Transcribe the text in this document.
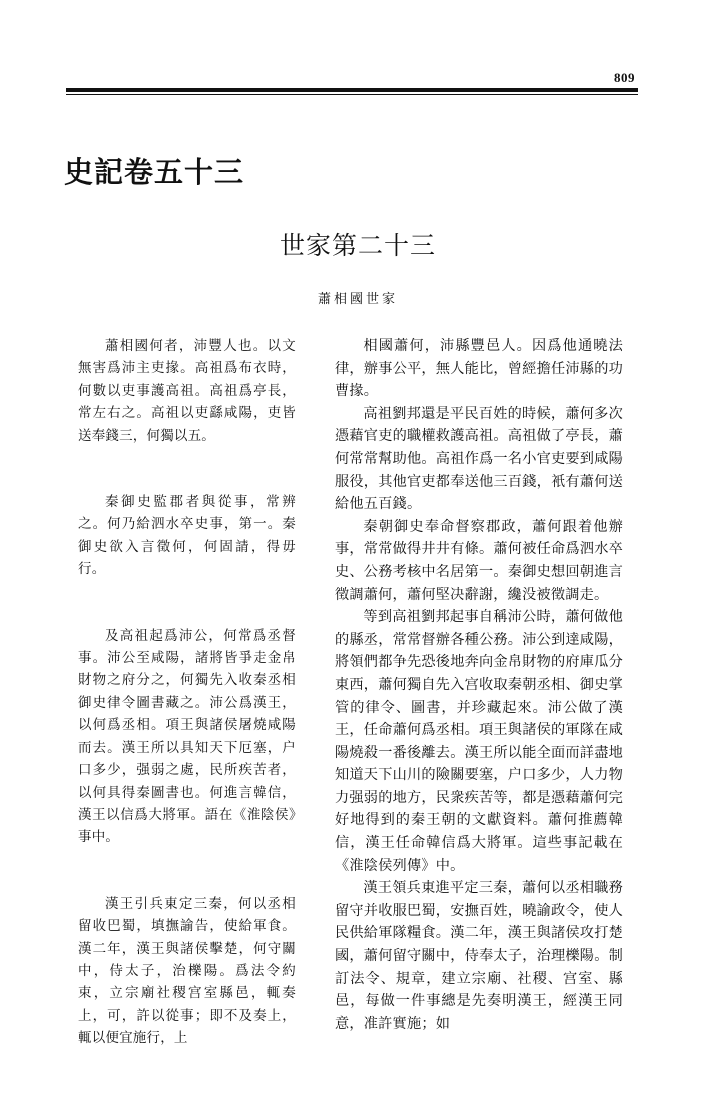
809
史記卷五十三
世家第二十三
蕭相國世家

蕭相國何者，沛豐人也。以文無害爲沛主吏掾。高祖爲布衣時，何數以吏事護高祖。高祖爲亭長，常左右之。高祖以吏繇咸陽，吏皆送奉錢三，何獨以五。

秦御史監郡者與從事，常辨之。何乃給泗水卒史事，第一。秦御史欲入言徵何，何固請，得毋行。

及高祖起爲沛公，何常爲丞督事。沛公至咸陽，諸將皆爭走金帛財物之府分之，何獨先入收秦丞相御史律令圖書藏之。沛公爲漢王，以何爲丞相。項王與諸侯屠燒咸陽而去。漢王所以具知天下厄塞，户口多少，强弱之處，民所疾苦者，以何具得秦圖書也。何進言韓信，漢王以信爲大將軍。語在《淮陰侯》事中。

漢王引兵東定三秦，何以丞相留收巴蜀，填撫諭告，使給軍食。漢二年，漢王與諸侯擊楚，何守關中，侍太子，治櫟陽。爲法令約束，立宗廟社稷宫室縣邑，輒奏上，可，許以從事；即不及奏上，輒以便宜施行，上

相國蕭何，沛縣豐邑人。因爲他通曉法律，辦事公平，無人能比，曾經擔任沛縣的功曹掾。

高祖劉邦還是平民百姓的時候，蕭何多次憑藉官吏的職權救護高祖。高祖做了亭長，蕭何常常幫助他。高祖作爲一名小官吏要到咸陽服役，其他官吏都奉送他三百錢，衹有蕭何送給他五百錢。

秦朝御史奉命督察郡政，蕭何跟着他辦事，常常做得井井有條。蕭何被任命爲泗水卒史、公務考核中名居第一。秦御史想回朝進言徵調蕭何，蕭何堅决辭謝，纔没被徵調走。

等到高祖劉邦起事自稱沛公時，蕭何做他的縣丞，常常督辦各種公務。沛公到達咸陽，將領們都争先恐後地奔向金帛財物的府庫瓜分東西，蕭何獨自先入宫收取秦朝丞相、御史掌管的律令、圖書，并珍藏起來。沛公做了漢王，任命蕭何爲丞相。項王與諸侯的軍隊在咸陽燒殺一番後離去。漢王所以能全面而詳盡地知道天下山川的險關要塞，户口多少，人力物力强弱的地方，民衆疾苦等，都是憑藉蕭何完好地得到的秦王朝的文獻資料。蕭何推薦韓信，漢王任命韓信爲大將軍。這些事記載在《淮陰侯列傳》中。

漢王領兵東進平定三秦，蕭何以丞相職務留守并收服巴蜀，安撫百姓，曉諭政令，使人民供給軍隊糧食。漢二年，漢王與諸侯攻打楚國，蕭何留守關中，侍奉太子，治理櫟陽。制訂法令、規章，建立宗廟、社稷、宫室、縣邑，每做一件事總是先奏明漢王，經漢王同意，准許實施；如
